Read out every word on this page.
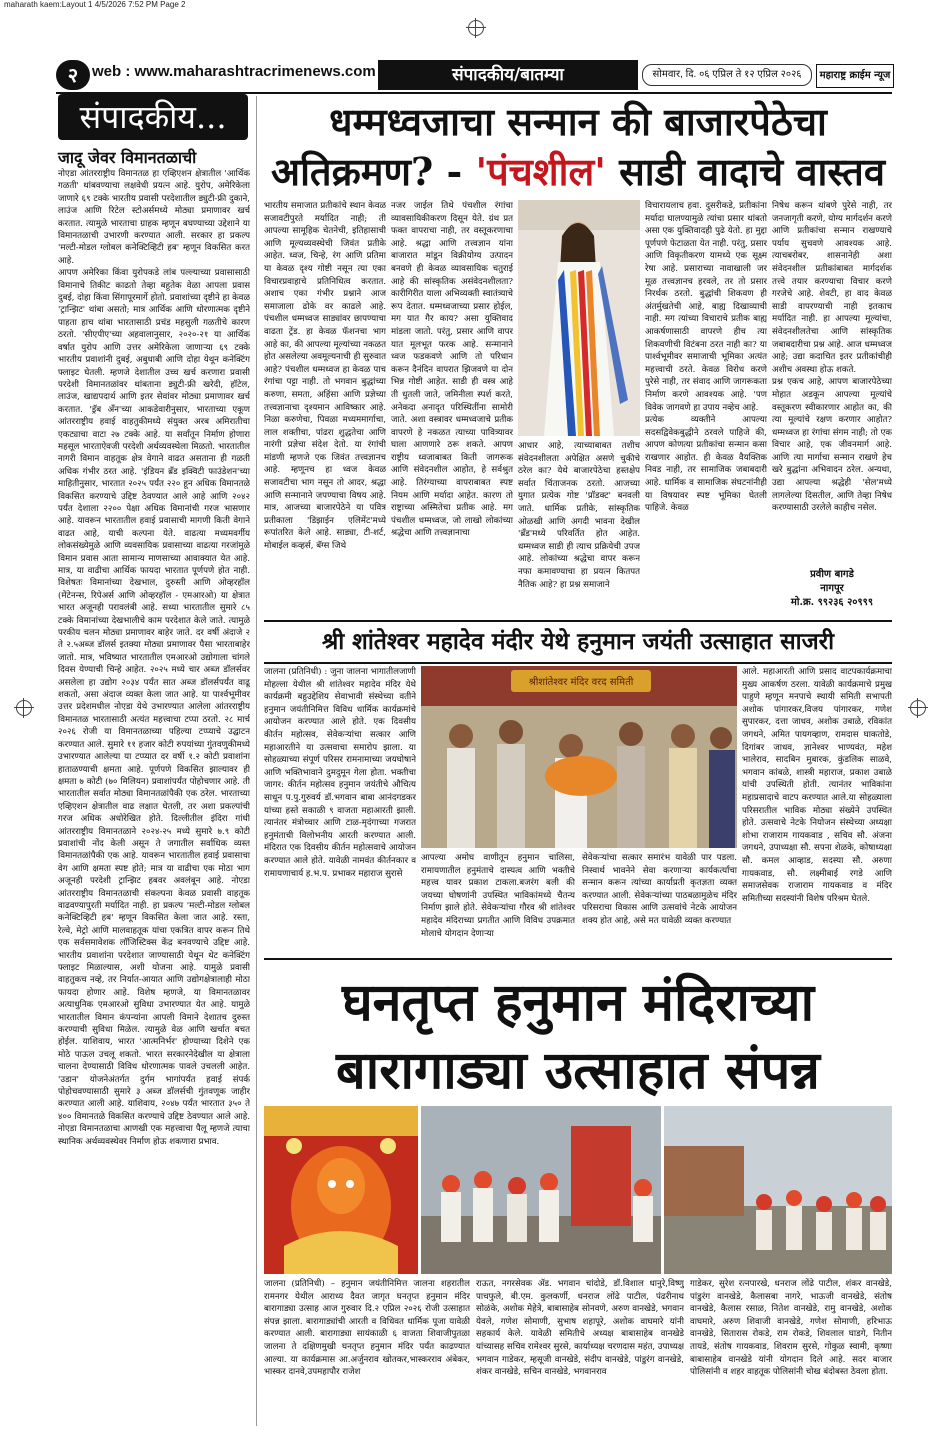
maharath kaem:Layout 1 4/5/2026 7:52 PM Page 2
२ web : www.maharashtracrimenews.com	संपादकीय/बातम्या	सोमवार, दि. ०६ एप्रिल ते १२ एप्रिल २०२६	महाराष्ट्र क्राईम न्यूज
संपादकीय...
जादू जेवर विमानतळाची
नोएडा आंतरराष्ट्रीय विमानतळ हा एव्हिएशन क्षेत्रातील 'आर्थिक गळती' थांबवण्याचा लक्षवेधी प्रयत्न आहे. युरोप, अमेरिकेला जाणारे ६९ टक्के भारतीय प्रवासी परदेशातील ड्युटी-फ्री दुकाने, लाउंज आणि रिटेल स्टोअर्समध्ये मोठ्या प्रमाणावर खर्च करतात. त्यामुळे भारताचा ग्राहक म्हणून बघण्याच्या उद्देशाने या विमानतळाची उभारणी करण्यात आली. सरकार हा प्रकल्प 'मल्टी-मोडल ग्लोबल कनेक्टिव्हिटी हब' म्हणून विकसित करत आहे.
आपण अमेरिका किंवा युरोपकडे लांब पल्ल्याच्या प्रवासासाठी विमानाचे तिकीट काढतो तेव्हा बहुतेक वेळा आपला प्रवास दुबई, दोहा किंवा सिंगापूरमार्गे होतो. प्रवाशांच्या दृष्टीने हा केवळ 'ट्रान्झिट' थांबा असतो; मात्र आर्थिक आणि धोरणात्मक दृष्टीने पाहता हाच थांबा भारतासाठी प्रचंड महसुली गळतीचे कारण ठरतो. 'सीएपीए'च्या अहवालानुसार, २०२०-२१ या आर्थिक वर्षात युरोप आणि उत्तर अमेरिकेला जाणाऱ्या ६९ टक्के भारतीय प्रवाशांनी दुबई, अबुधाबी आणि दोहा येथून कनेक्टिंग फ्लाइट घेतली. म्हणजे देशातील उच्च खर्च करणारा प्रवासी परदेशी विमानतळांवर थांबताना ड्युटी-फ्री खरेदी, हॉटेल, लाउंज, खाद्यपदार्थ आणि इतर सेवांवर मोठ्या प्रमाणावर खर्च करतात. 'ड्रॅब अँन'च्या आकडेवारीनुसार, भारताच्या एकूण आंतरराष्ट्रीय हवाई वाहतुकीमध्ये संयुक्त अरब अमिरातीचा एकट्याचा वाटा २७ टक्के आहे. या सर्वांतून निर्माण होणारा महसूल भारताऐवजी परदेशी अर्थव्यवस्थेला मिळतो. भारतातील नागरी विमान वाहतूक क्षेत्र वेगाने वाढत असताना ही गळती अधिक गंभीर ठरत आहे. 'इंडियन ब्रँड इक्विटी फाउंडेशन'च्या माहितीनुसार, भारतात २०२५ पर्यंत २२० हून अधिक विमानतळे विकसित करण्याचे उद्दिष्ट ठेवण्यात आले आहे आणि २०४२ पर्यंत देशाला २२०० पेक्षा अधिक विमानांची गरज भासणार आहे. यावरून भारतातील हवाई प्रवासाची मागणी किती वेगाने वाढत आहे, याची कल्पना येते. वाढत्या मध्यमवर्गीय लोकसंख्येमुळे आणि व्यवसायिक प्रवासाच्या वाढत्या गरजांमुळे विमान प्रवास आता सामान्य माणसाच्या आवाक्यात येत आहे. मात्र, या वाढीचा आर्थिक फायदा भारतात पूर्णपणे होत नाही. विशेषतः विमानांच्या देखभाल, दुरुस्ती आणि ओव्हरहॉल (मेंटेनन्स, रिपेअर्स आणि ओव्हरहॉल - एमआरओ) या क्षेत्रात भारत अजूनही परावलंबी आहे. सध्या भारतातील सुमारे ८५ टक्के विमानांच्या देखभालीचे काम परदेशात केले जाते. त्यामुळे परकीय चलन मोठ्या प्रमाणावर बाहेर जाते. दर वर्षी अंदाजे २ ते २.५अब्ज डॉलर्स इतक्या मोठ्या प्रमाणावर पैसा भारताबाहेर जातो. मात्र, भविष्यात भारतातील एमआरओ उद्योगाला चांगले दिवस येण्याची चिन्हे आहेत. २०२५ मध्ये चार अब्ज डॉलर्सवर असलेला हा उद्योग २०३४ पर्यंत सात अब्ज डॉलर्सपर्यंत वाढू शकतो, असा अंदाज व्यक्त केला जात आहे. या पार्श्वभूमीवर उत्तर प्रदेशमधील नोएडा येथे उभारण्यात आलेला आंतरराष्ट्रीय विमानतळ भारतासाठी अत्यंत महत्त्वाचा टप्पा ठरतो. २८ मार्च २०२६ रोजी या विमानतळाच्या पहिल्या टप्प्याचे उद्घाटन करण्यात आले. सुमारे ११ हजार कोटी रुपयांच्या गुंतवणुकीमध्ये उभारण्यात आलेल्या या टप्प्यात दर वर्षी १.२ कोटी प्रवाशांना हाताळण्याची क्षमता आहे. पूर्णपणे विकसित झाल्यावर ही क्षमता ७ कोटी (७० मिलियन) प्रवाशांपर्यंत पोहोचणार आहे. ती भारतातील सर्वात मोठ्या विमानतळांपैकी एक ठरेल. भारताच्या एव्हिएशन क्षेत्रातील वाढ लक्षात घेतली, तर अशा प्रकल्पांची गरज अधिक अधोरेखित होते. दिल्लीतील इंदिरा गांधी आंतरराष्ट्रीय विमानतळाने २०२४-२५ मध्ये सुमारे ७.९ कोटी प्रवाशांची नोंद केली असून ते जगातील सर्वाधिक व्यस्त विमानतळांपैकी एक आहे. यावरून भारतातील हवाई प्रवासाचा वेग आणि क्षमता स्पष्ट होते; मात्र या वाढीचा एक मोठा भाग अजूनही परदेशी ट्रान्झिट हबवर अवलंबून आहे. नोएडा आंतरराष्ट्रीय विमानतळाची संकल्पना केवळ प्रवासी वाहतूक वाढवण्यापुरती मर्यादित नाही. हा प्रकल्प 'मल्टी-मोडल ग्लोबल कनेक्टिव्हिटी हब' म्हणून विकसित केला जात आहे. रस्ता, रेल्वे, मेट्रो आणि मालवाहतूक यांचा एकत्रित वापर करून तिथे एक सर्वसमावेशक लॉजिस्टिक्स केंद्र बनवण्याचे उद्दिष्ट आहे. भारतीय प्रवाशांना परदेशात जाण्यासाठी येथून थेट कनेक्टिंग फ्लाइट मिळाल्यास, अशी योजना आहे. यामुळे प्रवासी वाहतुकच नव्हे, तर निर्यात-आयात आणि उद्योगक्षेत्रालाही मोठा फायदा होणार आहे. विशेष म्हणजे, या विमानतळावर अत्याधुनिक एमआरओ सुविधा उभारण्यात येत आहे. यामुळे भारतातील विमान कंपन्यांना आपली विमाने देशातच दुरुस्त करण्याची सुविधा मिळेल. त्यामुळे वेळ आणि खर्चात बचत होईल. याशिवाय, भारत 'आत्मनिर्भर' होण्याच्या दिशेने एक मोठे पाऊल उचलू शकतो. भारत सरकारनेदेखील या क्षेत्राला चालना देण्यासाठी विविध धोरणात्मक पावले उचलली आहेत. 'उडान' योजनेअंतर्गत दुर्गम भागांपर्यंत हवाई संपर्क पोहोचवण्यासाठी सुमारे ३ अब्ज डॉलर्सची गुंतवणूक जाहीर करण्यात आली आहे. याशिवाय, २०४७ पर्यंत भारतात ३५० ते ४०० विमानतळे विकसित करण्याचे उद्दिष्ट ठेवण्यात आले आहे. नोएडा विमानतळाचा आणखी एक महत्त्वाचा पैलू म्हणजे त्याचा स्थानिक अर्थव्यवस्थेवर निर्माण होऊ शकणारा प्रभाव.
धम्मध्वजाचा सन्मान की बाजारपेठेचा
अतिक्रमण? - 'पंचशील' साडी वादाचे वास्तव
भारतीय समाजात प्रतीकांचे स्थान केवळ सजावटीपुरते मर्यादित नाही; ती आपल्या सामूहिक चेतनेची, इतिहासाची आणि मूल्यव्यवस्थेची जिवंत प्रतीके आहेत. ध्वज, चिन्हे, रंग आणि प्रतिमा या केवळ दृश्य गोष्टी नसून त्या एका विचारप्रवाहाचे प्रतिनिधित्व करतात. अशाच एका गंभीर प्रश्नाने आज समाजाला ढोके वर काढले आहे. पंचशील धम्मध्वज साड्यांवर छापण्याचा वाढता ट्रेंड. हा केवळ फॅशनचा भाग आहे का, की आपल्या मूल्यांच्या नकळत होत असलेल्या अवमूल्यनाची ही सुरुवात आहे? पंचशील धम्मध्वज हा केवळ पाच रंगांचा पट्टा नाही. तो भगवान बुद्धांच्या करुणा, समता, अहिंसा आणि प्रज्ञेच्या तत्त्वज्ञानाचा दृश्यमान आविष्कार आहे. निळा करुणेचा, पिवळा मध्यममार्गाचा, लाल शक्तीचा, पांढरा शुद्धतेचा आणि नारंगी प्रज्ञेचा संदेश देतो. या रंगांची मांडणी म्हणजे एक जिवंत तत्त्वज्ञानच आहे. म्हणूनच हा ध्वज केवळ सजावटीचा भाग नसून तो आदर, श्रद्धा आणि सन्मानाने जपण्याचा विषय आहे. मात्र, आजच्या बाजारपेठेने या पवित्र प्रतीकाला 'डिझाईन एलिमेंट'मध्ये रूपांतरित केले आहे. साड्या, टी-शर्ट, मोबाईल कव्हर्स, बॅग्स जिथे
नजर जाईल तिथे पंचशील रंगांचा व्यावसायिकीकरण दिसून येते. ग्रंथ प्रत फक्त वापराचा नाही, तर वस्तूकरणाचा आहे. श्रद्धा आणि तत्त्वज्ञान यांना बाजारात मांडून विक्रीयोग्य उत्पादन बनवणे ही केवळ व्यावसायिक चतुराई आहे की सांस्कृतिक असंवेदनशीलता? कारीगिरीत याला अभिव्यक्ती स्वातंत्र्याचे रूप देतात. धम्मध्वजाच्या प्रसार होईल, मग यात गैर काय? असा युक्तिवाद मांडला जातो. परंतु, प्रसार आणि वापर यात मूलभूत फरक आहे. सन्मानाने ध्वज फडकवणे आणि तो परिधान करून दैनंदिन वापरात झिजवणे या दोन भिन्न गोष्टी आहेत. साडी ही वस्त्र आहे ती धुतली जाते, जमिनीला स्पर्श करते, अनेकदा अनादृत परिस्थितींना सामोरी जाते. अशा वस्त्रावर धम्मध्वजाचे प्रतीक वापरणे हे नकळत त्याच्या पावित्र्यावर घाला आणणारे ठरू शकते. आपण राष्ट्रीय ध्वजाबाबत किती जागरूक आणि संवेदनशील आहोत, हे सर्वश्रुत आहे. तिरंग्याच्या वापराबाबत स्पष्ट नियम आणि मर्यादा आहेत. कारण तो राष्ट्राच्या अस्मितेचा प्रतीक आहे. मग पंचशील धम्मध्वज, जो लाखो लोकांच्या श्रद्धेचा आणि तत्त्वज्ञानाचा
आधार आहे, त्याच्याबाबत तशीच संवेदनशीलता अपेक्षित असणे चुकीचे ठरेल का? येथे बाजारपेठेचा हस्तक्षेप सर्वात चिंताजनक ठरतो. आजच्या युगात प्रत्येक गोष्ट 'प्रॉडक्ट' बनवली जाते. धार्मिक प्रतीके, सांस्कृतिक ओळखी आणि अगदी भावना देखील 'ब्रँड'मध्ये परिवर्तित होत आहेत. धम्मध्वज साडी ही त्याच प्रक्रियेची उपज आहे. लोकांच्या श्रद्धेचा वापर करून नफा कमावण्याचा हा प्रयत्न कितपत नैतिक आहे? हा प्रश्न समाजाने
विचारायलाच हवा. दुसरीकडे, प्रतीकांना मर्यादा घालण्यामुळे त्यांचा प्रसार थांबतो असा एक युक्तिवादही पुढे येतो. हा मुद्दा पूर्णपणे फेटाळता येत नाही. परंतु, प्रसार आणि विकृतीकरण यामध्ये एक सूक्ष्म रेषा आहे. प्रसाराच्या नावाखाली जर मूळ तत्त्वज्ञानच हरवले, तर तो प्रसार निरर्थक ठरतो. बुद्धांची शिकवण ही अंतर्मुखतेची आहे, बाह्य दिखाव्याची नाही. मग त्यांच्या विचाराचे प्रतीक बाह्य आकर्षणासाठी वापरणे हीच त्या शिकवणीची विटंबना ठरत नाही का? या पार्श्वभूमीवर समाजाची भूमिका अत्यंत महत्त्वाची ठरते. केवळ विरोध करणे पुरेसे नाही, तर संवाद आणि जागरूकता निर्माण करणे आवश्यक आहे. 'पण विवेक जागवणे हा उपाय नव्हेच आहे.
प्रत्येक व्यक्तीने आपल्या सदसद्विवेकबुद्धीने ठरवले पाहिजे की, आपण कोणत्या प्रतीकांचा सन्मान कसा राखणार आहोत. ही केवळ वैयक्तिक निवड नाही, तर सामाजिक जबाबदारी आहे. धार्मिक व सामाजिक संघटनांनीही या विषयावर स्पष्ट भूमिका घेतली पाहिजे. केवळ
निषेध करून थांबणे पुरेसे नाही, तर जनजागृती करणे, योग्य मार्गदर्शन करणे आणि प्रतीकांचा सन्मान राखण्याचे पर्याय सुचवणे आवश्यक आहे. त्याचबरोबर, शासनानेही अशा संवेदनशील प्रतीकांबाबत मार्गदर्शक तत्त्वे तयार करण्याचा विचार करणे गरजेचे आहे. शेवटी, हा वाद केवळ साडी वापरण्याची नाही इतकाच मर्यादित नाही. हा आपल्या मूल्यांचा, संवेदनशीलतेचा आणि सांस्कृतिक जबाबदारीचा प्रश्न आहे. आज धम्मध्वज आहे; उद्या कदाचित इतर प्रतीकांचीही अशीच अवस्था होऊ शकते.
प्रश्न एकच आहे, आपण बाजारपेठेच्या मोहात अडकून आपल्या मूल्यांचे वस्तूकरण स्वीकारणार आहोत का, की त्या मूल्यांचे रक्षण करणार आहोत? धम्मध्वज हा रंगांचा संगम नाही; तो एक विचार आहे, एक जीवनमार्ग आहे. आणि त्या मार्गाचा सन्मान राखणे हेच खरे बुद्धांना अभिवादन ठरेल. अन्यथा, उद्या आपल्या श्रद्धेही 'सेल'मध्ये लागलेल्या दिसतील, आणि तेव्हा निषेध करण्यासाठी उरलेले काहीच नसेल.
प्रवीण बागडे
नागपूर
मो.क्र. ९९२३६ २०९९९
श्री शांतेश्वर महादेव मंदीर येथे हनुमान जयंती उत्साहात साजरी
जालना (प्रतिनिधी) : जुना जालना भागातीलजाणी मोहल्ला येथील श्री शांतेश्वर महादेव मंदिर येथे कार्यक्रमी बहुउद्देशिय सेवाभावी संस्थेच्या वतीने हनुमान जयंतीनिमित्त विविध धार्मिक कार्यक्रमांचे आयोजन करण्यात आले होते. एक दिवसीय कीर्तन महोत्सव, सेवेकऱ्यांचा सत्कार आणि महाआरतीने या उत्सवाचा समारोप झाला. या सोहळ्याच्या संपूर्ण परिसर रामनामाच्या जयघोषाने आणि भक्तिभावाने दुमदुमून गेला होता. भक्तीचा जागर: कीर्तन महोत्सव हनुमान जयंतीचे औचित्य साधून प.पु.गुरुवर्य डॉ.भगवान बाबा आनंदगडकर यांच्या हस्ते सकाळी ९ वाजता महाआरती झाली. त्यानंतर मंत्रोच्चार आणि टाळ-मृदंगाच्या गजरात हनुमंताची विलोभनीय आरती करण्यात आली. मंदिरात एक दिवसीय कीर्तन महोत्सवाचे आयोजन करण्यात आले होते. यावेळी नामवंत कीर्तनकार व रामायणाचार्य ह.भ.प. प्रभाकर महाराज सुरासे
श्रीशांतेश्वर मंदिर वरद समिती
आपल्या अमोघ वाणीतून हनुमान चालिसा, रामायणातील हनुमंताचे दास्यत्व आणि भक्तीचे महत्त्व यावर प्रकाश टाकला.बजरंग बली की जयच्या घोषणांनी उपस्थित भाविकांमध्ये चैतन्य निर्माण झाले होते. सेवेकऱ्यांचा गौरव श्री शांतेश्वर महादेव मंदिराच्या प्रगतीत आणि विविध उपक्रमात मोलाचे योगदान देणाऱ्या
सेवेकऱ्यांचा सत्कार समारंभ यावेळी पार पडला. निस्वार्थ भावनेने सेवा करणाऱ्या कार्यकर्त्यांचा सन्मान करून त्यांच्या कार्याप्रती कृतज्ञता व्यक्त करण्यात आली. सेवेकऱ्यांच्या पाठबळामुळेच मंदिर परिसराचा विकास आणि उत्सवांचे नेटके आयोजन शक्य होत आहे, असे मत यावेळी व्यक्त करण्यात
आले. महाआरती आणि प्रसाद वाटपकार्यक्रमाचा मुख्य आकर्षण ठरला. यावेळी कार्यक्रमाचे प्रमुख पाहुणे म्हणून मनपाचे स्थायी समिती सभापती अशोक पांगारकर,विजय पांगारकर, गणेश सुपारकर, दत्ता जाधव, अशोक उबाळे, रविकांत जगधने, अमित पायगव्हाण, रामदास घाकतोडे, दिगांबर जाधव, ज्ञानेश्वर भाण्यवंत, महेश भालेराव, सादबिन मुबारक, कुंडलिक साळवे, भगवान कांबळे, शास्त्री महाराज, प्रकाश उबाळे यांची उपस्थिती होती. त्यानंतर भाविकांना महाप्रसादाचे वाटप करण्यात आले.या सोहळ्याला परिसरातील भाविक मोठ्या संख्येने उपस्थित होते. उत्सवाचे नेटके नियोजन संस्थेच्या अध्यक्षा शोभा राजाराम गायकवाड , सचिव सौ. अंजना जगधने, उपाध्यक्षा सौ. सपना शेळके, कोषाध्यक्षा सौ. कमल आव्हाड, सदस्या सौ. अरुणा गायकवाड, सौ. लक्ष्मीबाई रगडे आणि समाजसेवक राजाराम गायकवाड व मंदिर समितीच्या सदस्यांनी विशेष परिश्रम घेतले.
घनतृप्त हनुमान मंदिराच्या
बारागाड्या उत्साहात संपन्न
जालना (प्रतिनिधी) – हनुमान जयंतीनिमित्त जालना शहरातील रामनगर येथील आराध्य दैवत जागृत घनतृप्त हनुमान मंदिर बारागाड्या उत्साह आज गुरुवार दि.२ एप्रिल २०२६ रोजी उत्साहात संपन्न झाला. बारागाड्यांची आरती व विधिवत धार्मिक पूजा यावेळी करण्यात आली. बारागाड्या सायंकाळी ६ वाजता शिवाजीपुतळा जालना ते दक्षिणमुखी घनतृप्त हनुमान मंदिर पर्यंत काढण्यात आल्या. या कार्यक्रमास आ.अर्जुनराव खोतकर,भास्करराव अंबेकर, भास्कर दानवे,उपमहापौर राजेश
राऊत, नगरसेवक ॲड. भगवान चांदोडे, डॉ.विशाल धानुरे,विष्णु पाचफुले, बी.एम. कुलकर्णी, धनराज लोंढे पाटील, पंढरीनाथ सोळंके, अशोक मेहेत्रे, बाबासाहेब सोनवणे, अरुण वानखेडे, भगवान येवले, गणेश सोमाणी, सुभाष शहापूरे, अशोक वाघमारे यांनी सहकार्य केले. यावेळी समितीचे अध्यक्ष बाबासाहेब वानखेडे यांच्यासह सचिव रामेश्वर सुरसे, कार्याध्यक्ष चरणदास महंत, उपाध्यक्ष भगवान गाडेकर, म्हसूजी वानखेडे, संदीप वानखेडे, पांडुरंग वानखेडे, शंकर वानखेडे, सचिन वानखेडे, भगवानराव
गाडेकर, सुरेश रत्नपारखे, धनराज लोंढे पाटील, शंकर वानखेडे, पांडुरंग वानखेडे, कैलासबा नागरे, भाऊजी वानखेडे, संतोष वानखेडे, कैलास रसाळ, नितेश वानखेडे, रामु वानखेडे, अशोक वाघमारे, अरुण शिवाजी वानखेडे, गणेश सोमाणी, हरिभाऊ वानखेडे, सितारास रोकडे, राम रोकडे, शिवलाल घाडगे, नितीन तायडे, संतोष गायकवाड, शिवराम सुरसे, गोकुळ स्वामी, कृष्णा बाबासाहेब वानखेडे यांनी योगदान दिले आहे. सदर बाजार पोलिसांनी व शहर वाहतूक पोलिसांनी चोख बंदोबस्त ठेवला होता.
